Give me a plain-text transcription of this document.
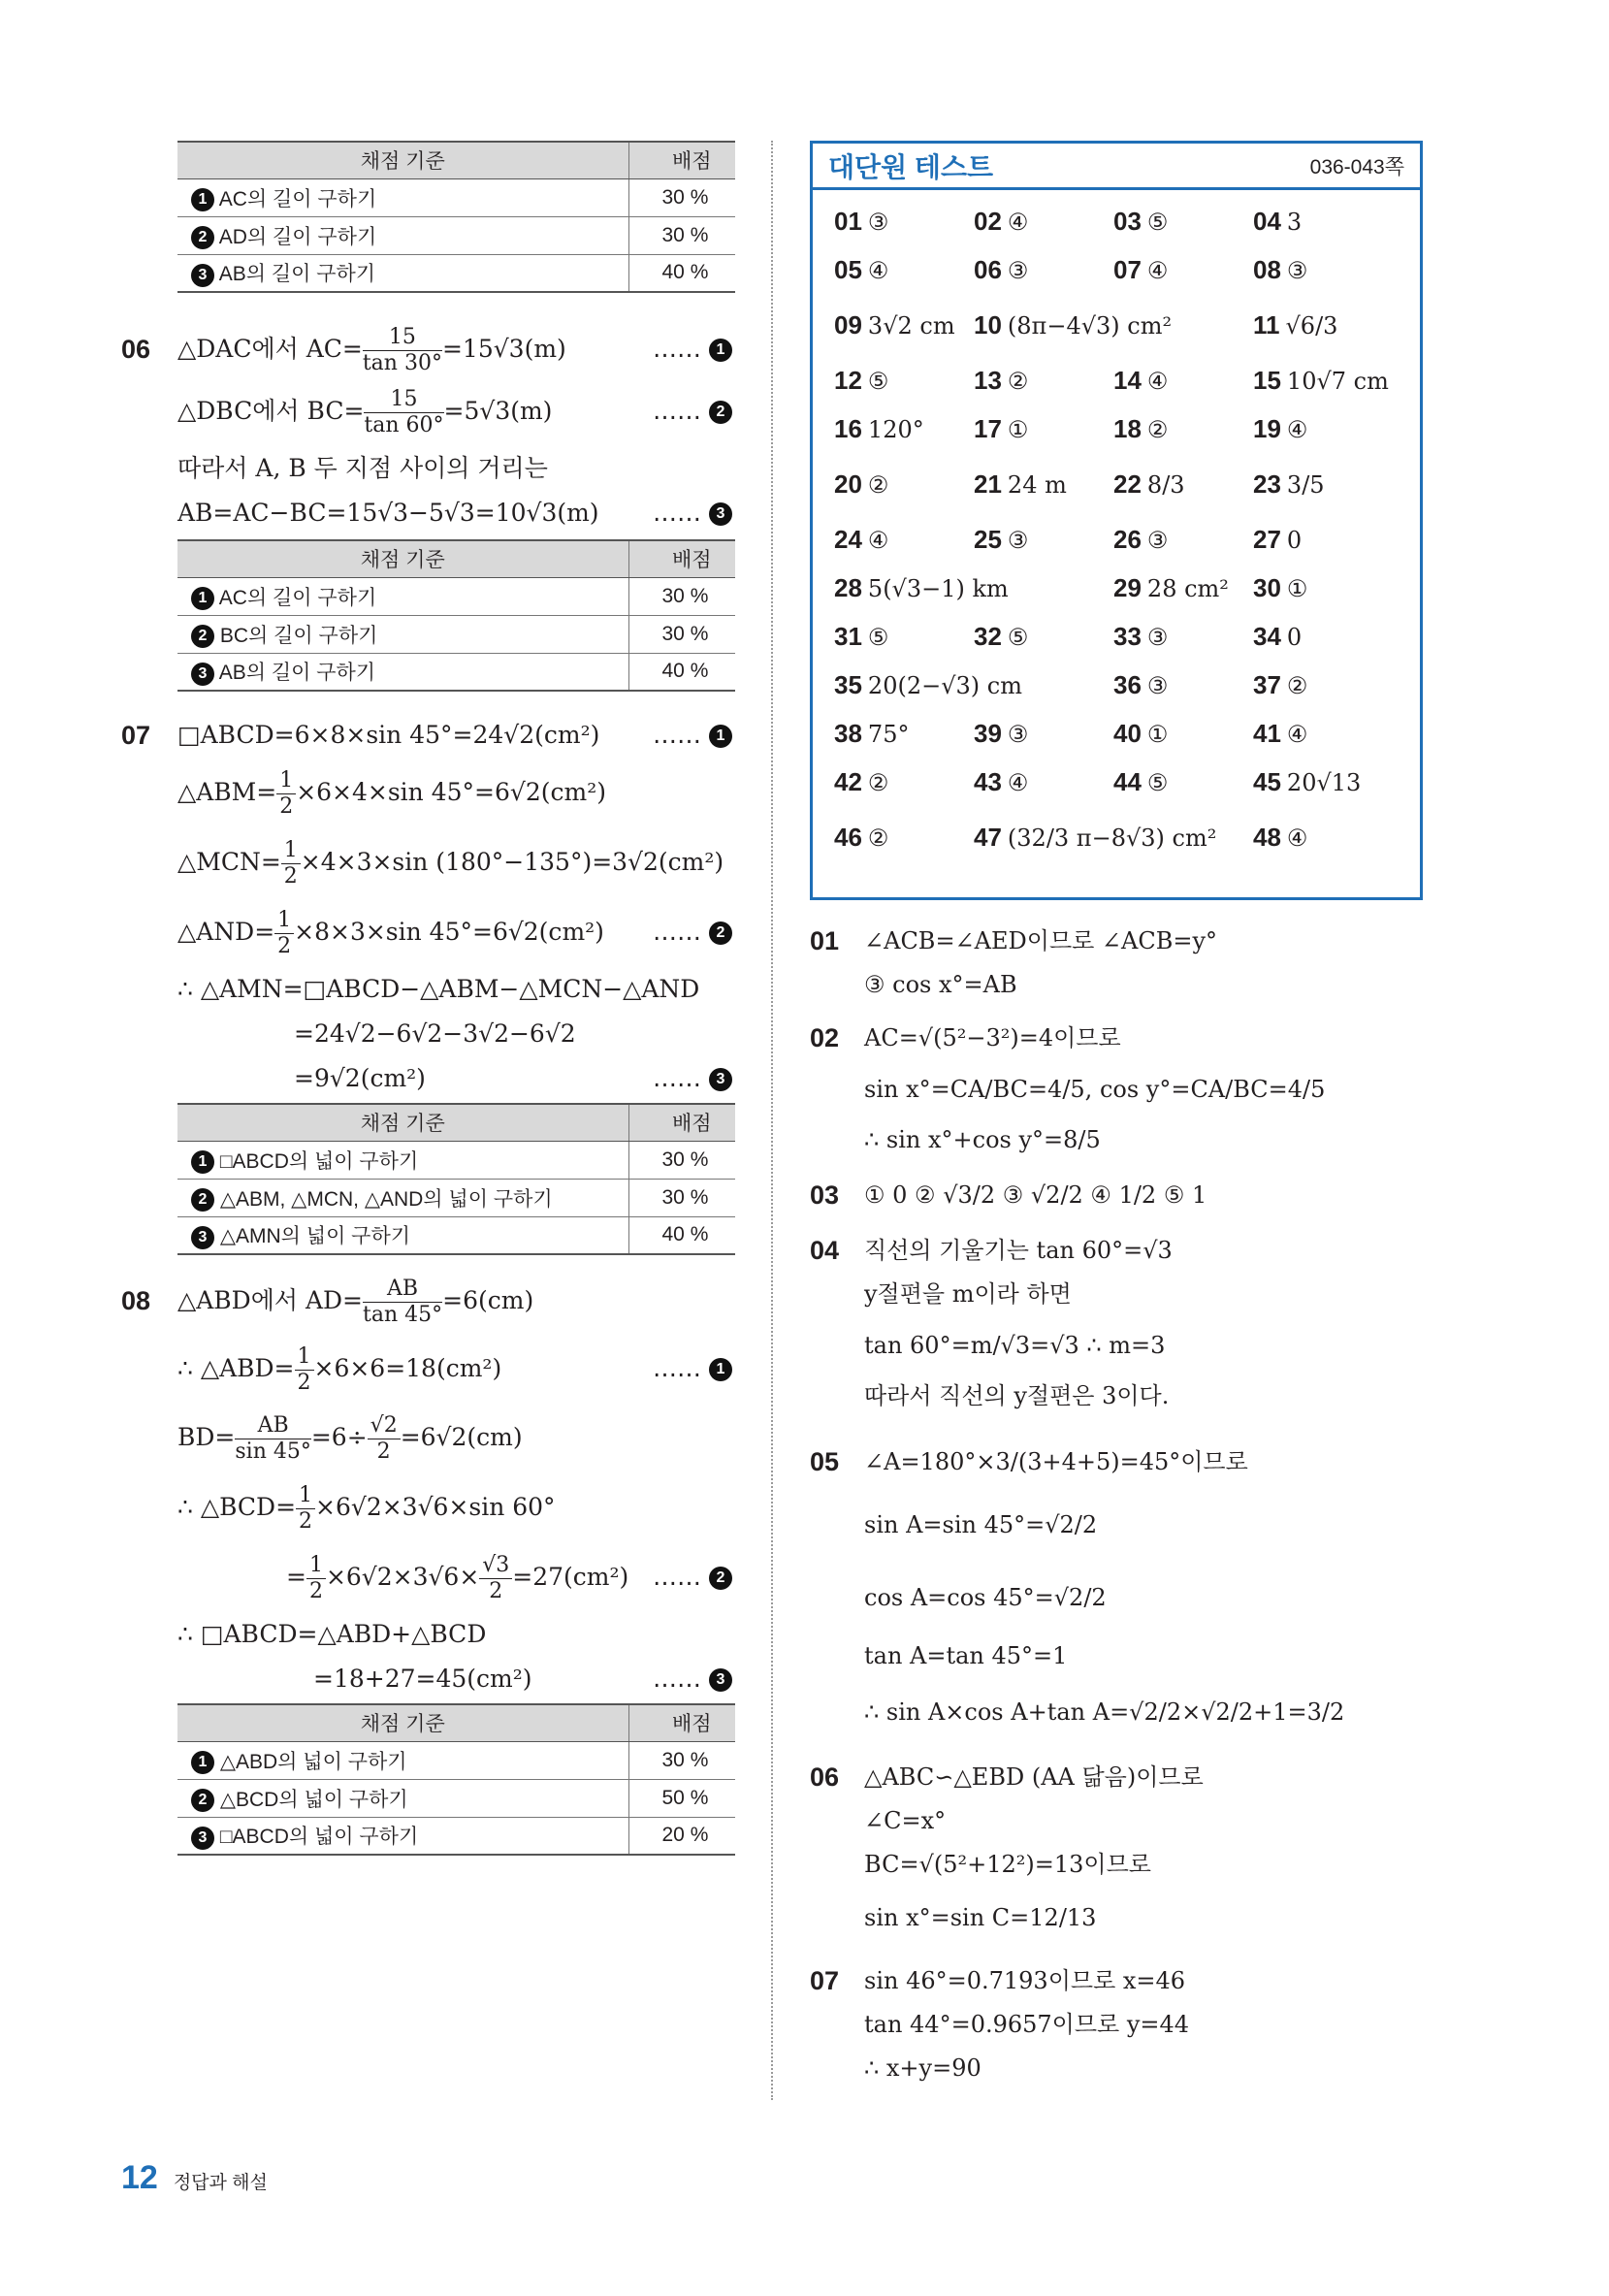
채점 기준	배점
1 AC의 길이 구하기	30 %
2 AD의 길이 구하기	30 %
3 AB의 길이 구하기	40 %
06 △DAC에서 $AC= \frac{15}{\tan 30^\circ} =15√3(m)$	…… 1
△DBC에서 $BC= \frac{15}{\tan 60^\circ} =5√3(m)$	…… 2
따라서 A, B 두 지점 사이의 거리는
AB=AC−BC=15√3−5√3=10√3(m) …… 3
채점 기준	배점
1 AC의 길이 구하기	30 %
2 BC의 길이 구하기	30 %
3 AB의 길이 구하기	40 %
07 □ABCD=6×8×sin 45°=24√2(cm²) …… 1
△ABM= $\frac{1}{2} \times 6\times 4\times\sin$ 45°=6√2(cm²)
△MCN= $\frac{1}{2} \times 4\times 3\times\sin$ (180°−135°)=3√2(cm²)
△AND= $\frac{1}{2} \times 8\times 3\times\sin$ 45°=6√2(cm²) …… 2
∴ △AMN=□ABCD−△ABM−△MCN−△AND
=24√2−6√2−3√2−6√2
=9√2(cm²)	…… 3
채점 기준	배점
1 □ABCD의 넓이 구하기	30 %
2 △ABM, △MCN, △AND의 넓이 구하기	30 %
3 △AMN의 넓이 구하기	40 %
08 △ABD에서 $AD= \frac{AB}{\tan 45^\circ} =6(cm)$
∴ △ABD= $\frac{1}{2} \times 6\times 6=18(cm^2)$	…… 1
$BD= \frac{AB}{\sin 45^\circ} =6\div \frac{√2}{2} =6√2(cm)$
∴ △BCD= $\frac{1}{2} \times 6√2\times 3√6\times\sin$ 60°
= $\frac{1}{2} \times 6√2\times 3√6\times \frac{√3}{2} =27(cm^2)$ …… 2
∴ □ABCD=△ABD+△BCD
=18+27=45(cm²)	…… 3
채점 기준	배점
1 △ABD의 넓이 구하기	30 %
2 △BCD의 넓이 구하기	50 %
3 □ABCD의 넓이 구하기	20 %
대단원 테스트	036-043쪽
01 ③	02 ④	03 ⑤	04 3
05 ④	06 ③	07 ④	08 ③
09 3√2 cm 10 (8π−4√3) cm²	11 √6/3
12 ⑤	13 ②	14 ④	15 10√7 cm
16 120°	17 ①	18 ②	19 ④
20 ②	21 24 m	22 8/3	23 3/5
24 ④	25 ③	26 ③	27 0
28 5(√3−1) km	29 28 cm² 30 ①
31 ⑤	32 ⑤	33 ③	34 0
35 20(2−√3) cm	36 ③	37 ②
38 75°	39 ③	40 ①	41 ④
42 ②	43 ④	44 ⑤	45 20√13
46 ②	47 (32/3 π−8√3) cm²	48 ④
01 ∠ACB=∠AED이므로 ∠ACB=y°
③ cos x°=AB
02 AC=√(5²−3²)=4이므로
sin x°=CA/BC=4/5, cos y°=CA/BC=4/5
∴ sin x°+cos y°=8/5
03 ① 0 ② √3/2 ③ √2/2 ④ 1/2 ⑤ 1
04 직선의 기울기는 tan 60°=√3
y절편을 m이라 하면
tan 60°=m/√3=√3 ∴ m=3
따라서 직선의 y절편은 3이다.
05 ∠A=180°×3/(3+4+5)=45°이므로
sin A=sin 45°=√2/2
cos A=cos 45°=√2/2
tan A=tan 45°=1
∴ sin A×cos A+tan A=√2/2×√2/2+1=3/2
06 △ABC∽△EBD (AA 닮음)이므로
∠C=x°
BC=√(5²+12²)=13이므로
sin x°=sin C=12/13
07 sin 46°=0.7193이므로 x=46
tan 44°=0.9657이므로 y=44
∴ x+y=90
12 정답과 해설
